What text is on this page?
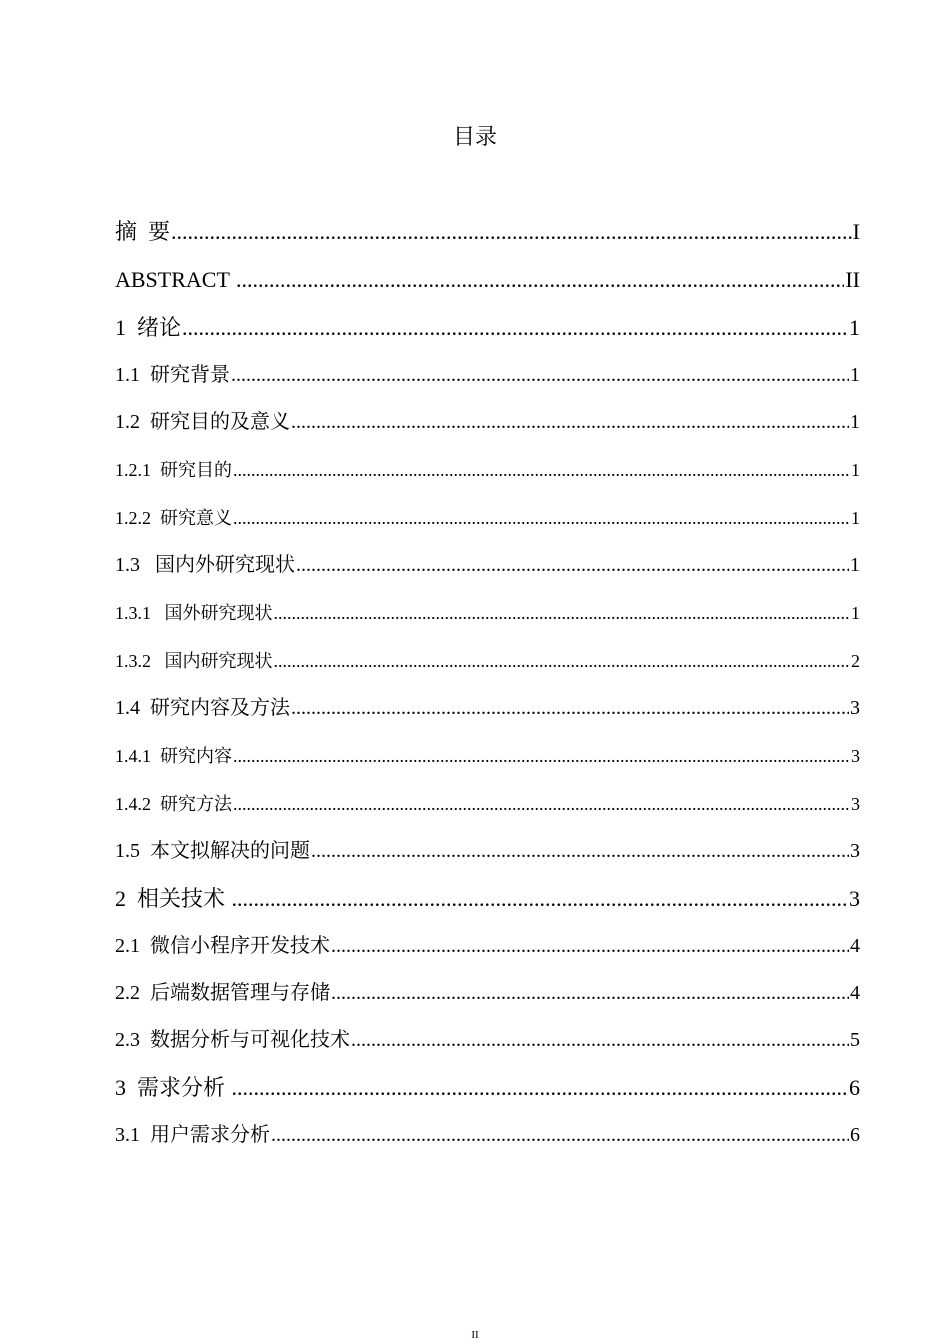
目录
摘  要 .....	I
ABSTRACT .....	II
1  绪论 .....	1
1.1  研究背景 .....	1
1.2  研究目的及意义 .....	1
1.2.1  研究目的 .....	1
1.2.2  研究意义 .....	1
1.3   国内外研究现状 .....	1
1.3.1   国外研究现状 .....	1
1.3.2   国内研究现状 .....	2
1.4  研究内容及方法 .....	3
1.4.1  研究内容 .....	3
1.4.2  研究方法 .....	3
1.5  本文拟解决的问题 .....	3
2  相关技术 .....	3
2.1  微信小程序开发技术 .....	4
2.2  后端数据管理与存储 .....	4
2.3  数据分析与可视化技术 .....	5
3  需求分析 .....	6
3.1  用户需求分析 .....	6
II
